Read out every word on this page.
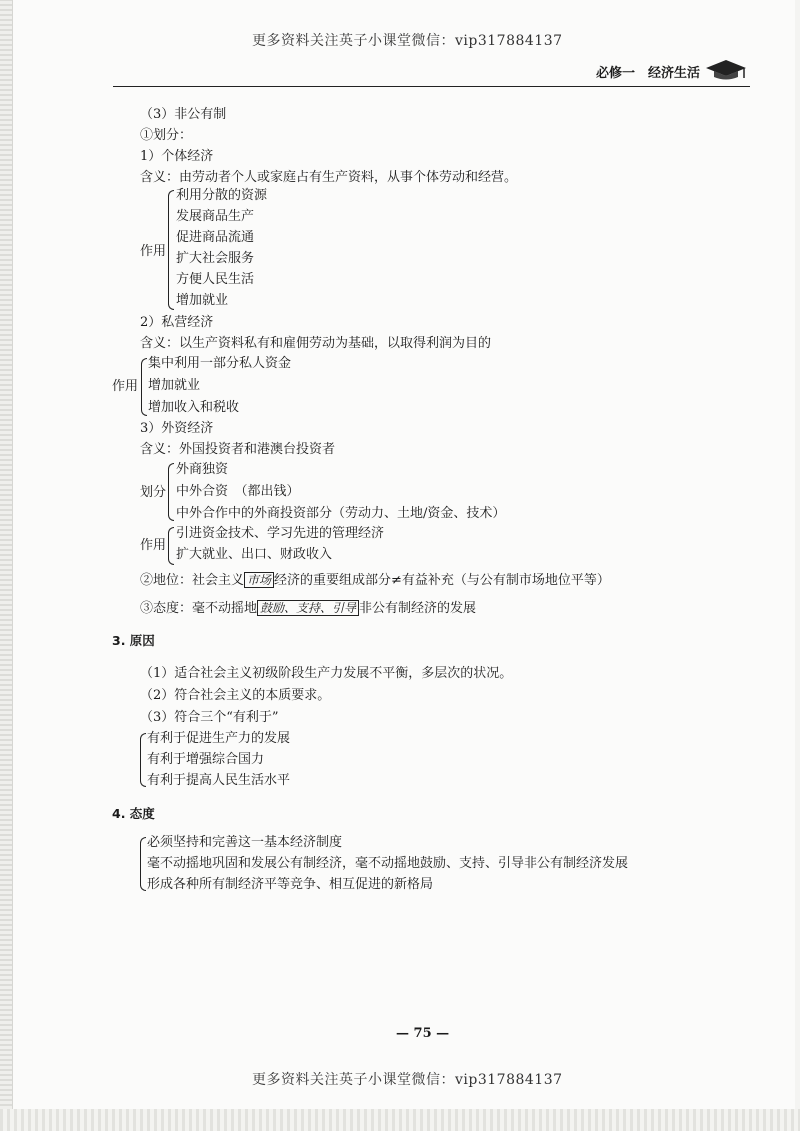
更多资料关注英子小课堂微信：vip317884137
必修一　经济生活
（3）非公有制
①划分：
1）个体经济
含义：由劳动者个人或家庭占有生产资料，从事个体劳动和经营。
作用
利用分散的资源
发展商品生产
促进商品流通
扩大社会服务
方便人民生活
增加就业
2）私营经济
含义：以生产资料私有和雇佣劳动为基础，以取得利润为目的
作用
集中利用一部分私人资金
增加就业
增加收入和税收
3）外资经济
含义：外国投资者和港澳台投资者
划分
外商独资
中外合资　（都出钱）
中外合作中的外商投资部分（劳动力、土地/资金、技术）
作用
引进资金技术、学习先进的管理经济
扩大就业、出口、财政收入
②地位：社会主义 市场 经济的重要组成部分≠有益补充（与公有制市场地位平等）
③态度：毫不动摇地 鼓励、支持、引导 非公有制经济的发展
3. 原因
（1）适合社会主义初级阶段生产力发展不平衡，多层次的状况。
（2）符合社会主义的本质要求。
（3）符合三个“有利于”
有利于促进生产力的发展
有利于增强综合国力
有利于提高人民生活水平
4. 态度
必须坚持和完善这一基本经济制度
毫不动摇地巩固和发展公有制经济，毫不动摇地鼓励、支持、引导非公有制经济发展
形成各种所有制经济平等竞争、相互促进的新格局
— 75 —
更多资料关注英子小课堂微信：vip317884137
